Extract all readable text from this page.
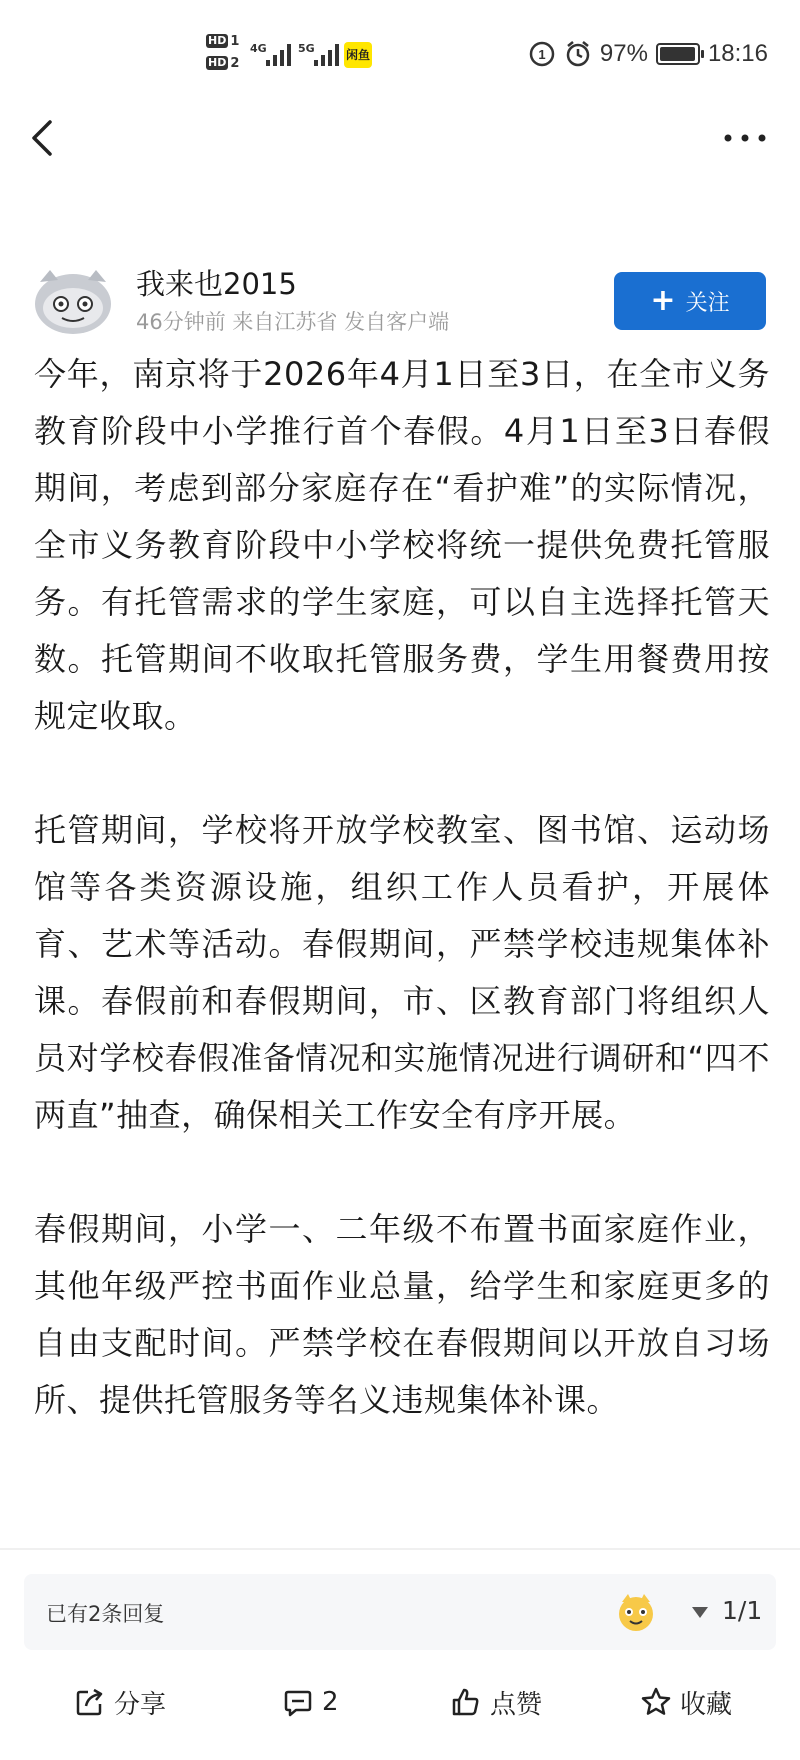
HD 1
HD 2
4G	5G	闲鱼	1 97%	18:16
我来也2015
46分钟前 来自江苏省 发自客户端
+ 关注

今年，南京将于2026年4月1日至3日，在全市义务教育阶段中小学推行首个春假。4月1日至3日春假期间，考虑到部分家庭存在“看护难”的实际情况，全市义务教育阶段中小学校将统一提供免费托管服务。有托管需求的学生家庭，可以自主选择托管天数。托管期间不收取托管服务费，学生用餐费用按规定收取。

托管期间，学校将开放学校教室、图书馆、运动场馆等各类资源设施，组织工作人员看护，开展体育、艺术等活动。春假期间，严禁学校违规集体补课。春假前和春假期间，市、区教育部门将组织人员对学校春假准备情况和实施情况进行调研和“四不两直”抽查，确保相关工作安全有序开展。

春假期间，小学一、二年级不布置书面家庭作业，其他年级严控书面作业总量，给学生和家庭更多的自由支配时间。严禁学校在春假期间以开放自习场所、提供托管服务等名义违规集体补课。

已有2条回复	1/1
分享	2	点赞	收藏
